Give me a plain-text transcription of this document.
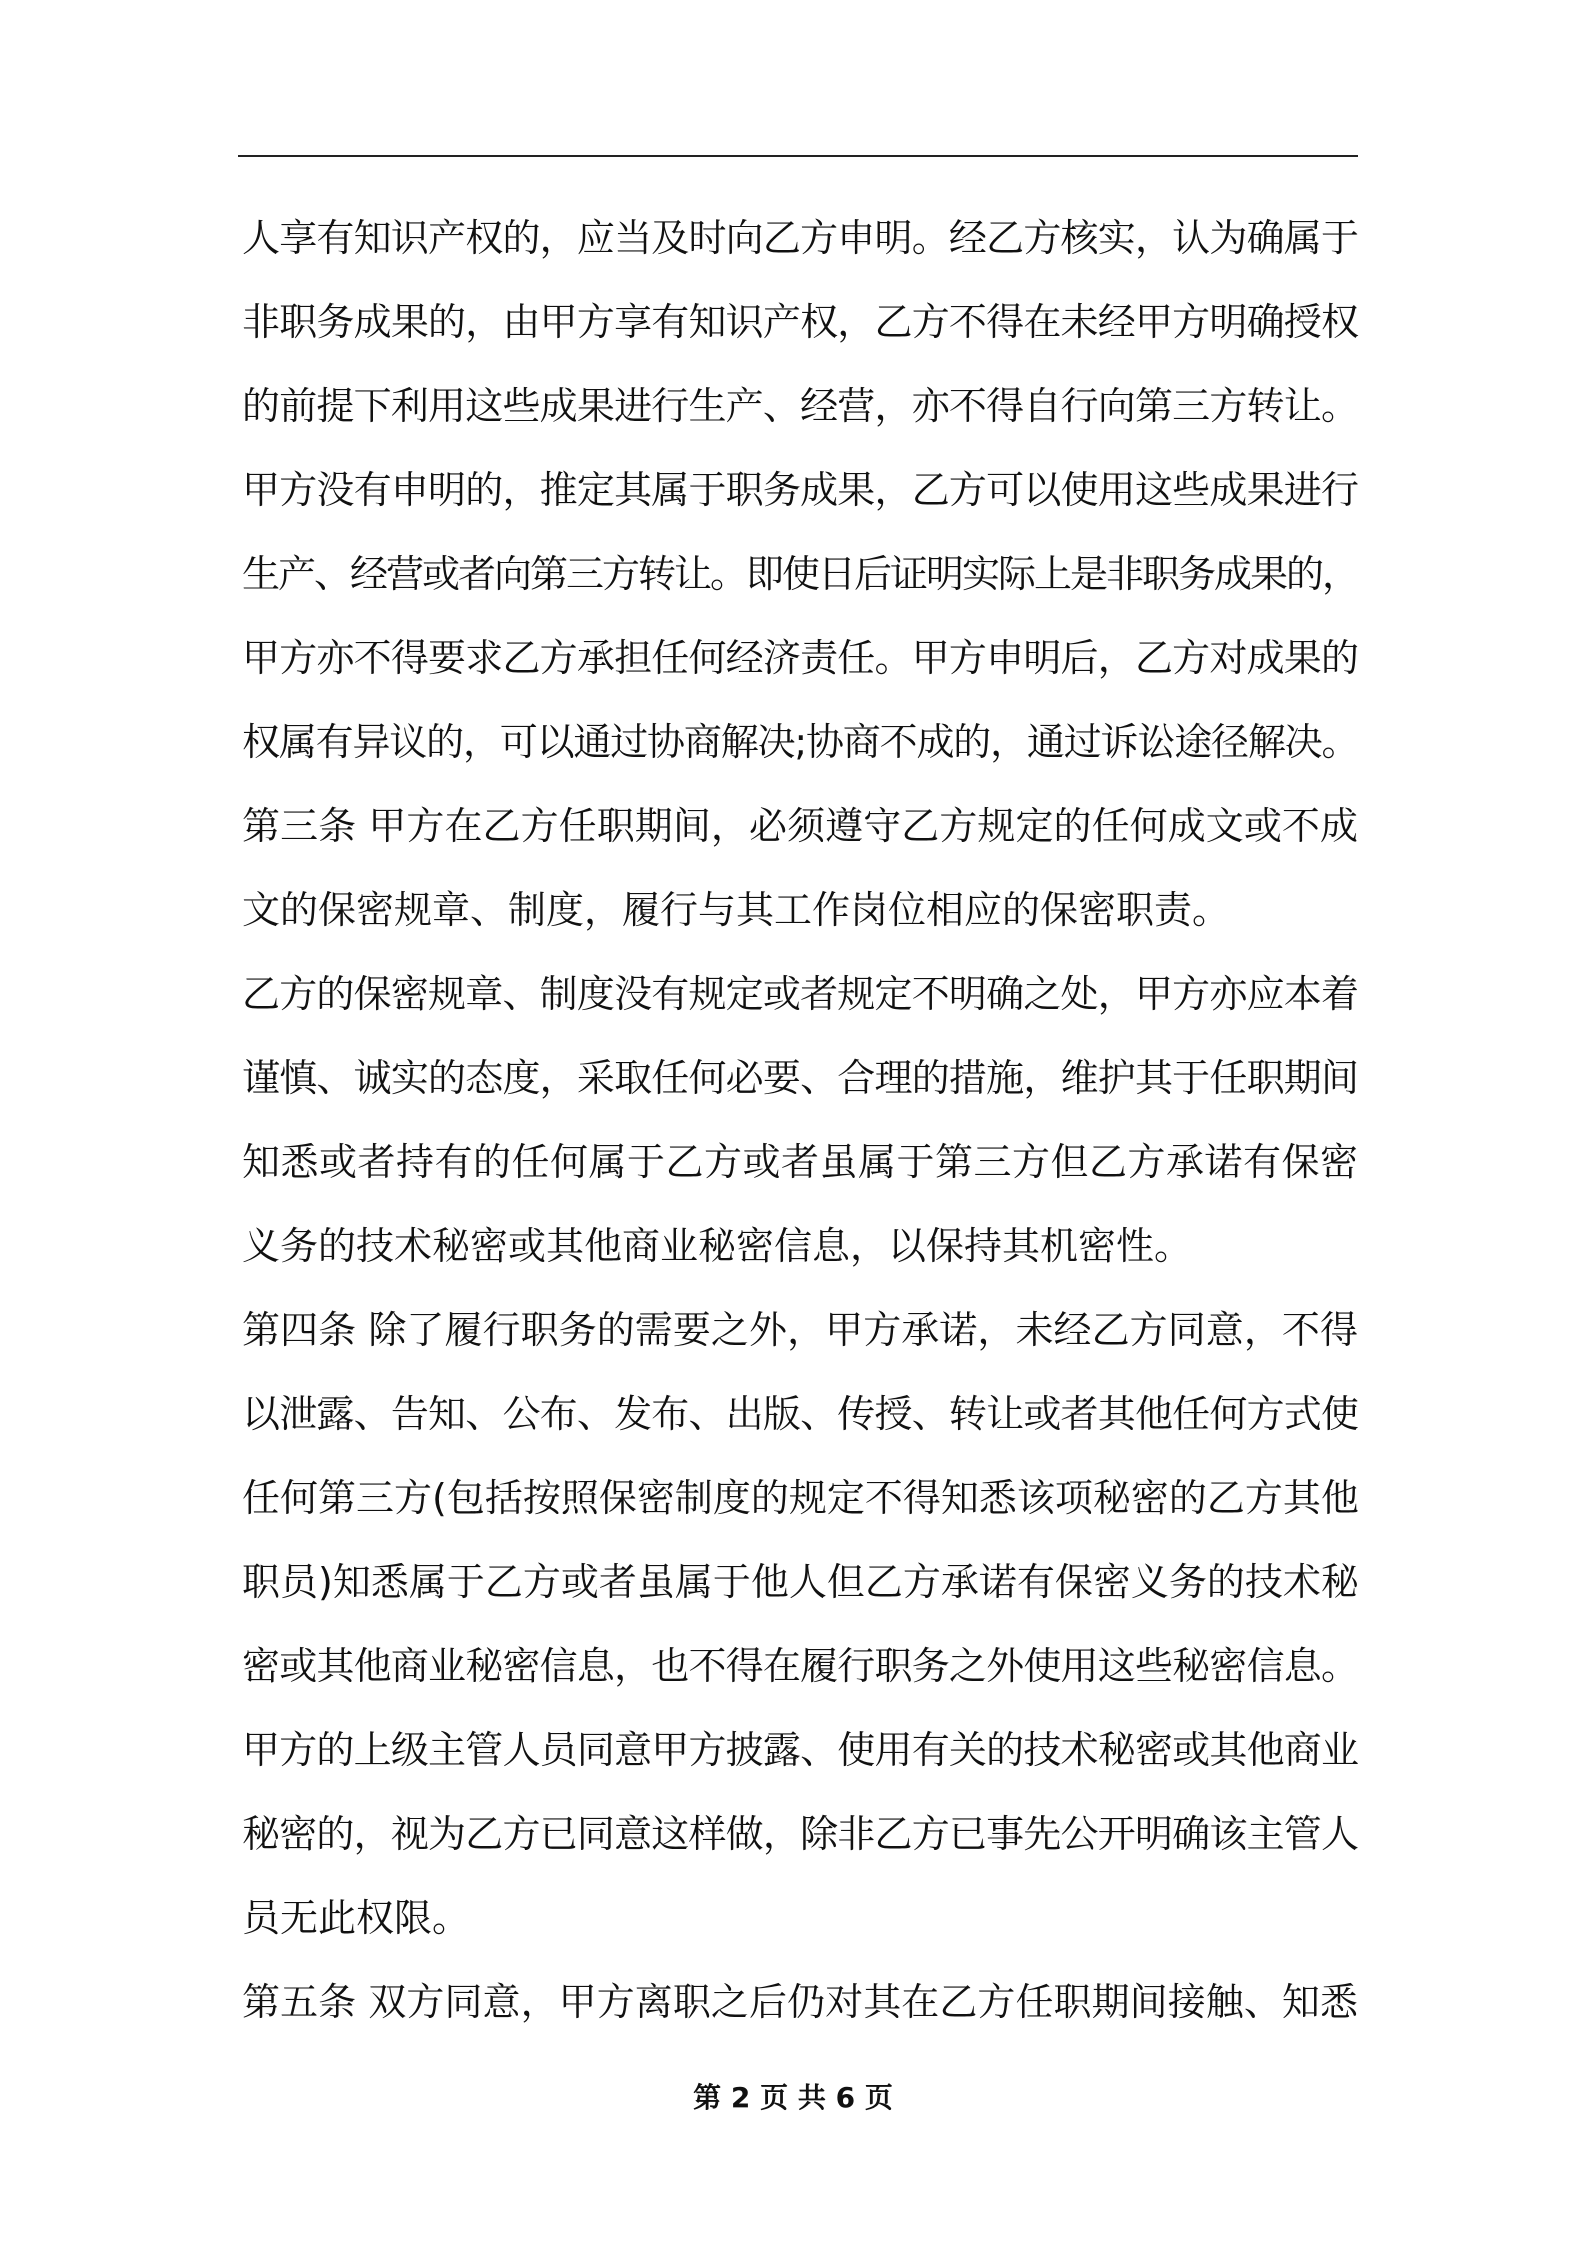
人享有知识产权的，应当及时向乙方申明。经乙方核实，认为确属于
非职务成果的，由甲方享有知识产权，乙方不得在未经甲方明确授权
的前提下利用这些成果进行生产、经营，亦不得自行向第三方转让。
甲方没有申明的，推定其属于职务成果，乙方可以使用这些成果进行
生产、经营或者向第三方转让。即使日后证明实际上是非职务成果的，
甲方亦不得要求乙方承担任何经济责任。甲方申明后，乙方对成果的
权属有异议的，可以通过协商解决;协商不成的，通过诉讼途径解决。
第三条 甲方在乙方任职期间，必须遵守乙方规定的任何成文或不成
文的保密规章、制度，履行与其工作岗位相应的保密职责。
乙方的保密规章、制度没有规定或者规定不明确之处，甲方亦应本着
谨慎、诚实的态度，采取任何必要、合理的措施，维护其于任职期间
知悉或者持有的任何属于乙方或者虽属于第三方但乙方承诺有保密
义务的技术秘密或其他商业秘密信息，以保持其机密性。
第四条 除了履行职务的需要之外，甲方承诺，未经乙方同意，不得
以泄露、告知、公布、发布、出版、传授、转让或者其他任何方式使
任何第三方(包括按照保密制度的规定不得知悉该项秘密的乙方其他
职员)知悉属于乙方或者虽属于他人但乙方承诺有保密义务的技术秘
密或其他商业秘密信息，也不得在履行职务之外使用这些秘密信息。
甲方的上级主管人员同意甲方披露、使用有关的技术秘密或其他商业
秘密的，视为乙方已同意这样做，除非乙方已事先公开明确该主管人
员无此权限。
第五条 双方同意，甲方离职之后仍对其在乙方任职期间接触、知悉
第 2 页 共 6 页
